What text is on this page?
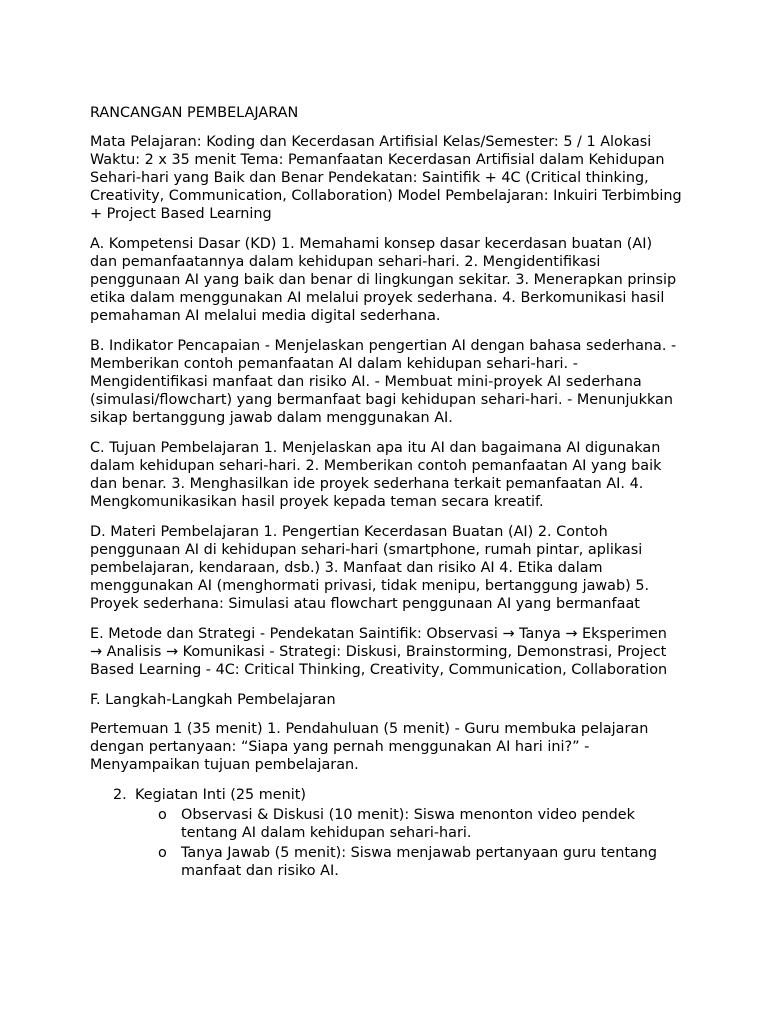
RANCANGAN PEMBELAJARAN

Mata Pelajaran: Koding dan Kecerdasan Artifisial Kelas/Semester: 5 / 1 Alokasi Waktu: 2 x 35 menit Tema: Pemanfaatan Kecerdasan Artifisial dalam Kehidupan Sehari-hari yang Baik dan Benar Pendekatan: Saintifik + 4C (Critical thinking, Creativity, Communication, Collaboration) Model Pembelajaran: Inkuiri Terbimbing + Project Based Learning

A. Kompetensi Dasar (KD) 1. Memahami konsep dasar kecerdasan buatan (AI) dan pemanfaatannya dalam kehidupan sehari-hari. 2. Mengidentifikasi penggunaan AI yang baik dan benar di lingkungan sekitar. 3. Menerapkan prinsip etika dalam menggunakan AI melalui proyek sederhana. 4. Berkomunikasi hasil pemahaman AI melalui media digital sederhana.

B. Indikator Pencapaian - Menjelaskan pengertian AI dengan bahasa sederhana. - Memberikan contoh pemanfaatan AI dalam kehidupan sehari-hari. - Mengidentifikasi manfaat dan risiko AI. - Membuat mini-proyek AI sederhana (simulasi/flowchart) yang bermanfaat bagi kehidupan sehari-hari. - Menunjukkan sikap bertanggung jawab dalam menggunakan AI.

C. Tujuan Pembelajaran 1. Menjelaskan apa itu AI dan bagaimana AI digunakan dalam kehidupan sehari-hari. 2. Memberikan contoh pemanfaatan AI yang baik dan benar. 3. Menghasilkan ide proyek sederhana terkait pemanfaatan AI. 4. Mengkomunikasikan hasil proyek kepada teman secara kreatif.

D. Materi Pembelajaran 1. Pengertian Kecerdasan Buatan (AI) 2. Contoh penggunaan AI di kehidupan sehari-hari (smartphone, rumah pintar, aplikasi pembelajaran, kendaraan, dsb.) 3. Manfaat dan risiko AI 4. Etika dalam menggunakan AI (menghormati privasi, tidak menipu, bertanggung jawab) 5. Proyek sederhana: Simulasi atau flowchart penggunaan AI yang bermanfaat

E. Metode dan Strategi - Pendekatan Saintifik: Observasi → Tanya → Eksperimen → Analisis → Komunikasi - Strategi: Diskusi, Brainstorming, Demonstrasi, Project Based Learning - 4C: Critical Thinking, Creativity, Communication, Collaboration

F. Langkah-Langkah Pembelajaran

Pertemuan 1 (35 menit) 1. Pendahuluan (5 menit) - Guru membuka pelajaran dengan pertanyaan: “Siapa yang pernah menggunakan AI hari ini?” - Menyampaikan tujuan pembelajaran.

2. Kegiatan Inti (25 menit)
o Observasi & Diskusi (10 menit): Siswa menonton video pendek tentang AI dalam kehidupan sehari-hari.
o Tanya Jawab (5 menit): Siswa menjawab pertanyaan guru tentang manfaat dan risiko AI.
